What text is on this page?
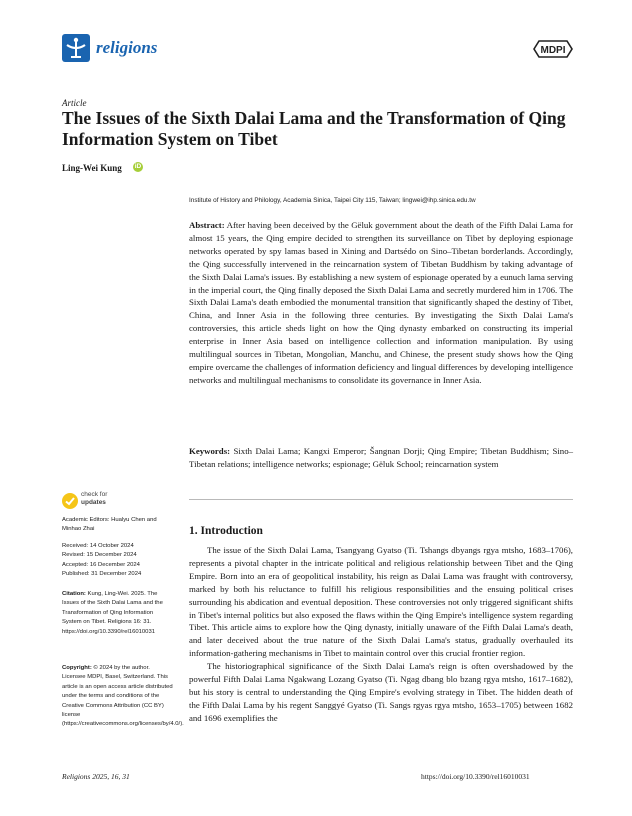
religions	MDPI
Article
The Issues of the Sixth Dalai Lama and the Transformation of Qing Information System on Tibet
Ling-Wei Kung iD
Institute of History and Philology, Academia Sinica, Taipei City 115, Taiwan; lingwei@ihp.sinica.edu.tw
Abstract: After having been deceived by the Gëluk government about the death of the Fifth Dalai Lama for almost 15 years, the Qing empire decided to strengthen its surveillance on Tibet by deploying espionage networks operated by spy lamas based in Xining and Dartsédo on Sino–Tibetan borderlands. Accordingly, the Qing successfully intervened in the reincarnation system of Tibetan Buddhism by taking advantage of the Sixth Dalai Lama's issues. By establishing a new system of espionage operated by a eunuch lama serving in the imperial court, the Qing finally deposed the Sixth Dalai Lama and secretly murdered him in 1706. The Sixth Dalai Lama's death embodied the monumental transition that significantly shaped the destiny of Tibet, China, and Inner Asia in the following three centuries. By investigating the Sixth Dalai Lama's controversies, this article sheds light on how the Qing dynasty embarked on constructing its imperial enterprise in Inner Asia based on intelligence collection and information manipulation. By using multilingual sources in Tibetan, Mongolian, Manchu, and Chinese, the present study shows how the Qing empire overcame the challenges of information deficiency and lingual differences by developing intelligence networks and multilingual mechanisms to consolidate its governance in Inner Asia.
Keywords: Sixth Dalai Lama; Kangxi Emperor; Šangnan Dorji; Qing Empire; Tibetan Buddhism; Sino–Tibetan relations; intelligence networks; espionage; Gëluk School; reincarnation system
1. Introduction

The issue of the Sixth Dalai Lama, Tsangyang Gyatso (Ti. Tshangs dbyangs rgya mtsho, 1683–1706), represents a pivotal chapter in the intricate political and religious relationship between Tibet and the Qing Empire. Born into an era of geopolitical instability, his reign as Dalai Lama was fraught with controversy, marked by both his reluctance to fulfill his religious responsibilities and the ensuing political crises surrounding his abdication and eventual deposition. These controversies not only triggered significant shifts in Tibet's internal politics but also exposed the flaws within the Qing Empire's intelligence system regarding Tibet. This article aims to explore how the Qing dynasty, initially unaware of the Fifth Dalai Lama's death, and later deceived about the true nature of the Sixth Dalai Lama's status, gradually overhauled its information-gathering mechanisms in Tibet to maintain control over this crucial frontier region.

The historiographical significance of the Sixth Dalai Lama's reign is often overshadowed by the powerful Fifth Dalai Lama Ngakwang Lozang Gyatso (Ti. Ngag dbang blo bzang rgya mtsho, 1617–1682), but his story is central to understanding the Qing Empire's evolving strategy in Tibet. The hidden death of the Fifth Dalai Lama by his regent Sanggyé Gyatso (Ti. Sangs rgyas rgya mtsho, 1653–1705) between 1682 and 1696 exemplifies the

check for
updates
Academic Editors: Hualyu Chen and Minhao Zhai
Received: 14 October 2024
Revised: 15 December 2024
Accepted: 16 December 2024
Published: 31 December 2024
Citation: Kung, Ling-Wei. 2025. The Issues of the Sixth Dalai Lama and the Transformation of Qing Information System on Tibet. Religions 16: 31. https://doi.org/10.3390/rel16010031
Copyright: © 2024 by the author. Licensee MDPI, Basel, Switzerland. This article is an open access article distributed under the terms and conditions of the Creative Commons Attribution (CC BY) license (https://creativecommons.org/licenses/by/4.0/).
Religions 2025, 16, 31	https://doi.org/10.3390/rel16010031
